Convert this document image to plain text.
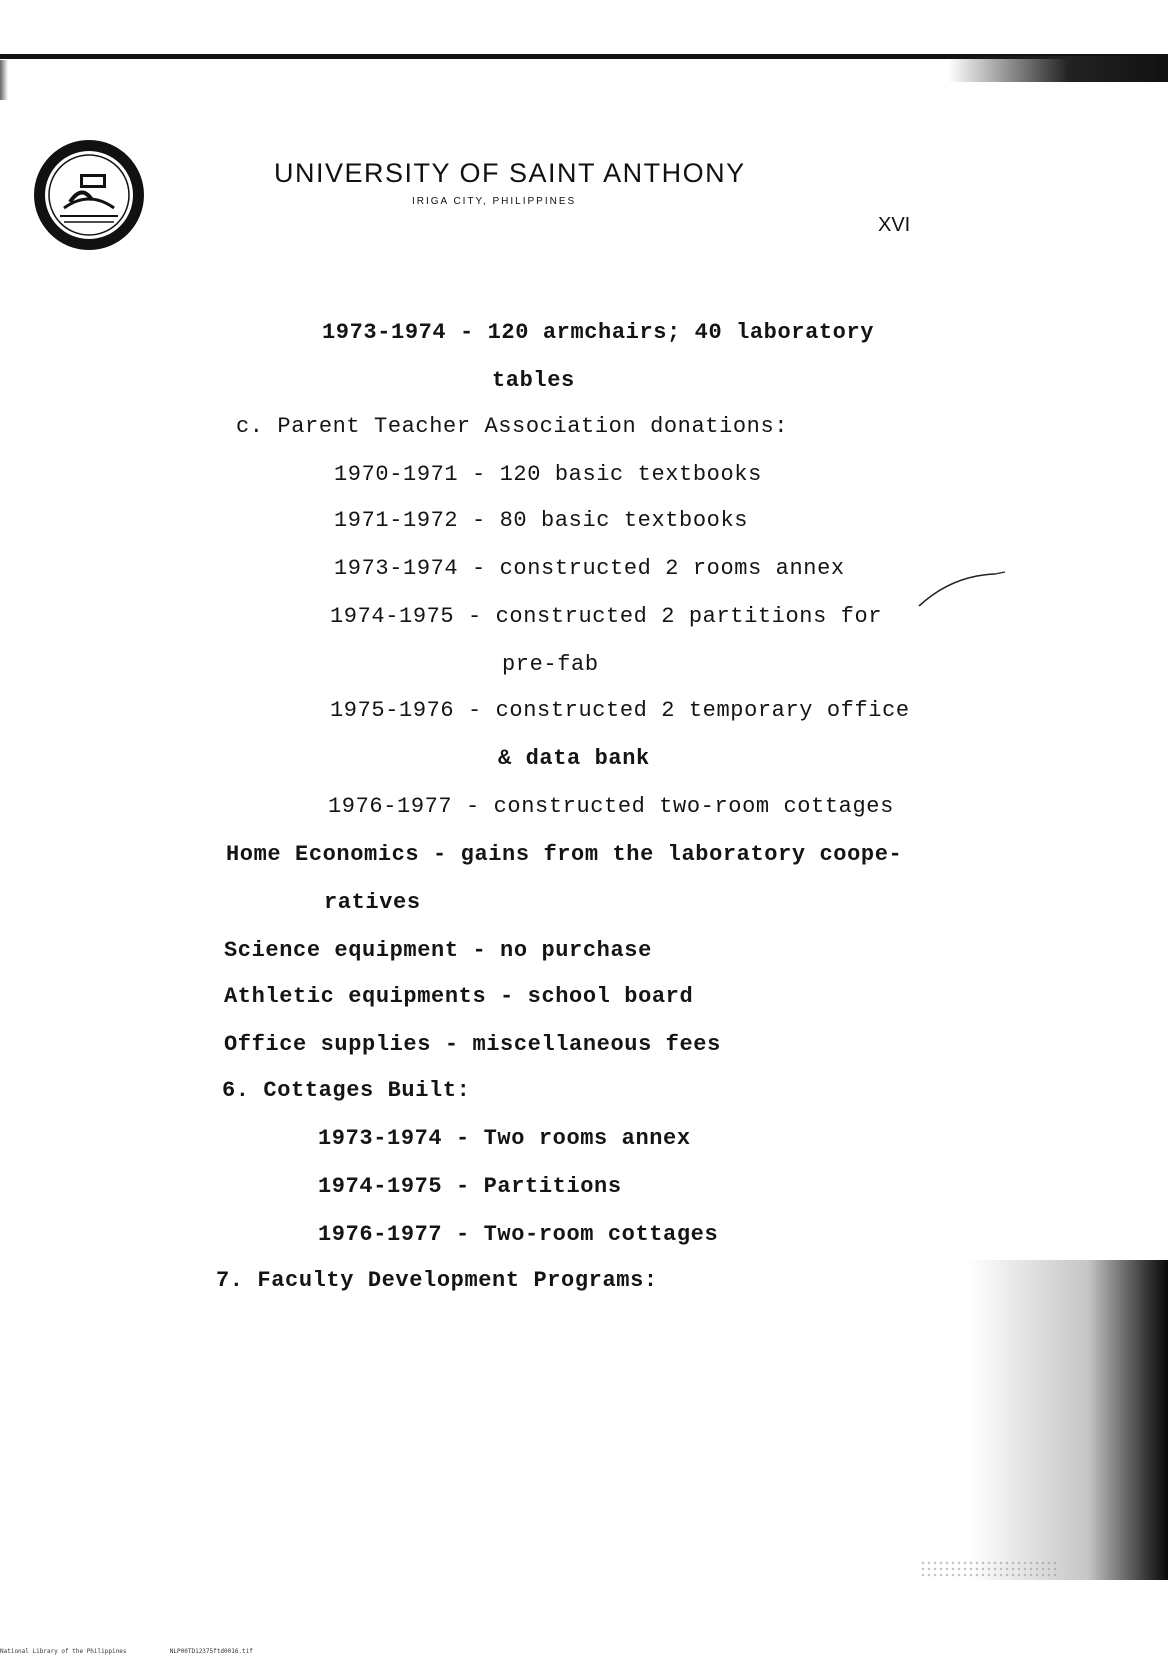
UNIVERSITY OF SAINT ANTHONY
IRIGA CITY, PHILIPPINES
XVI
1973-1974 - 120 armchairs; 40 laboratory
tables
c. Parent Teacher Association donations:
1970-1971 - 120 basic textbooks
1971-1972 - 80 basic textbooks
1973-1974 - constructed 2 rooms annex
1974-1975 - constructed 2 partitions for
pre-fab
1975-1976 - constructed 2 temporary office
& data bank
1976-1977 - constructed two-room cottages
Home Economics - gains from the laboratory coope-
ratives
Science equipment - no purchase
Athletic equipments - school board
Office supplies - miscellaneous fees
6. Cottages Built:
1973-1974 - Two rooms annex
1974-1975 - Partitions
1976-1977 - Two-room cottages
7. Faculty Development Programs:
National Library of the Philippines	NLP00TD12375ftd0016.tif
